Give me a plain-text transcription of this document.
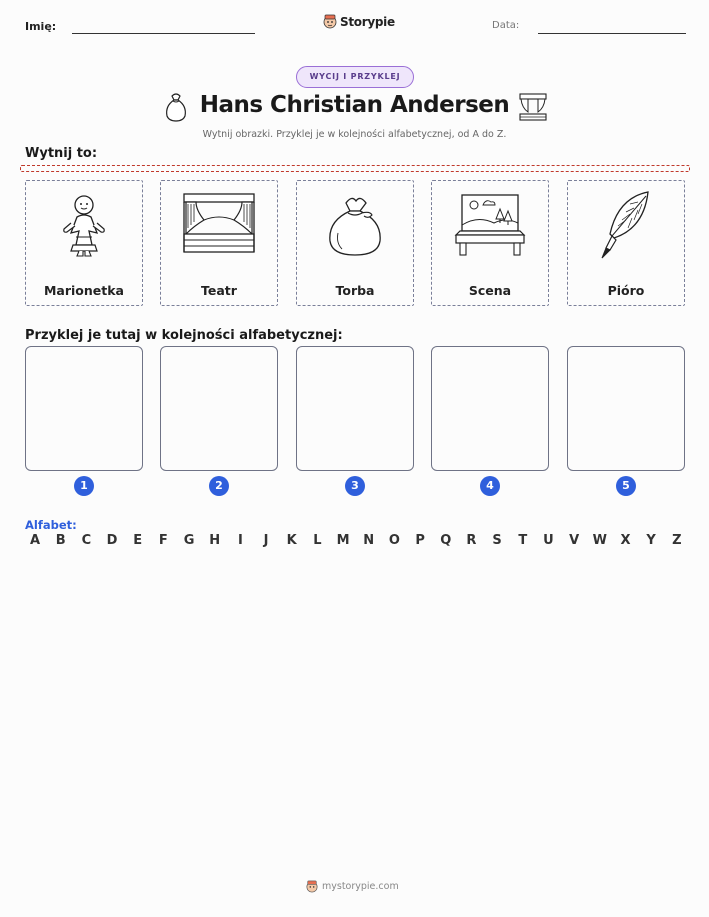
Imię:	Storypie	Data:
WYCIJ I PRZYKLEJ
Hans Christian Andersen
Wytnij obrazki. Przyklej je w kolejności alfabetycznej, od A do Z.
Wytnij to:
Marionetka	Teatr	Torba	Scena	Pióro
Przyklej je tutaj w kolejności alfabetycznej:
1	2	3	4	5
Alfabet:
A	B	C	D	E	F	G H	I	J	K	L	M N O	P	Q	R	S	T	U	V	W	X	Y	Z
mystorypie.com
